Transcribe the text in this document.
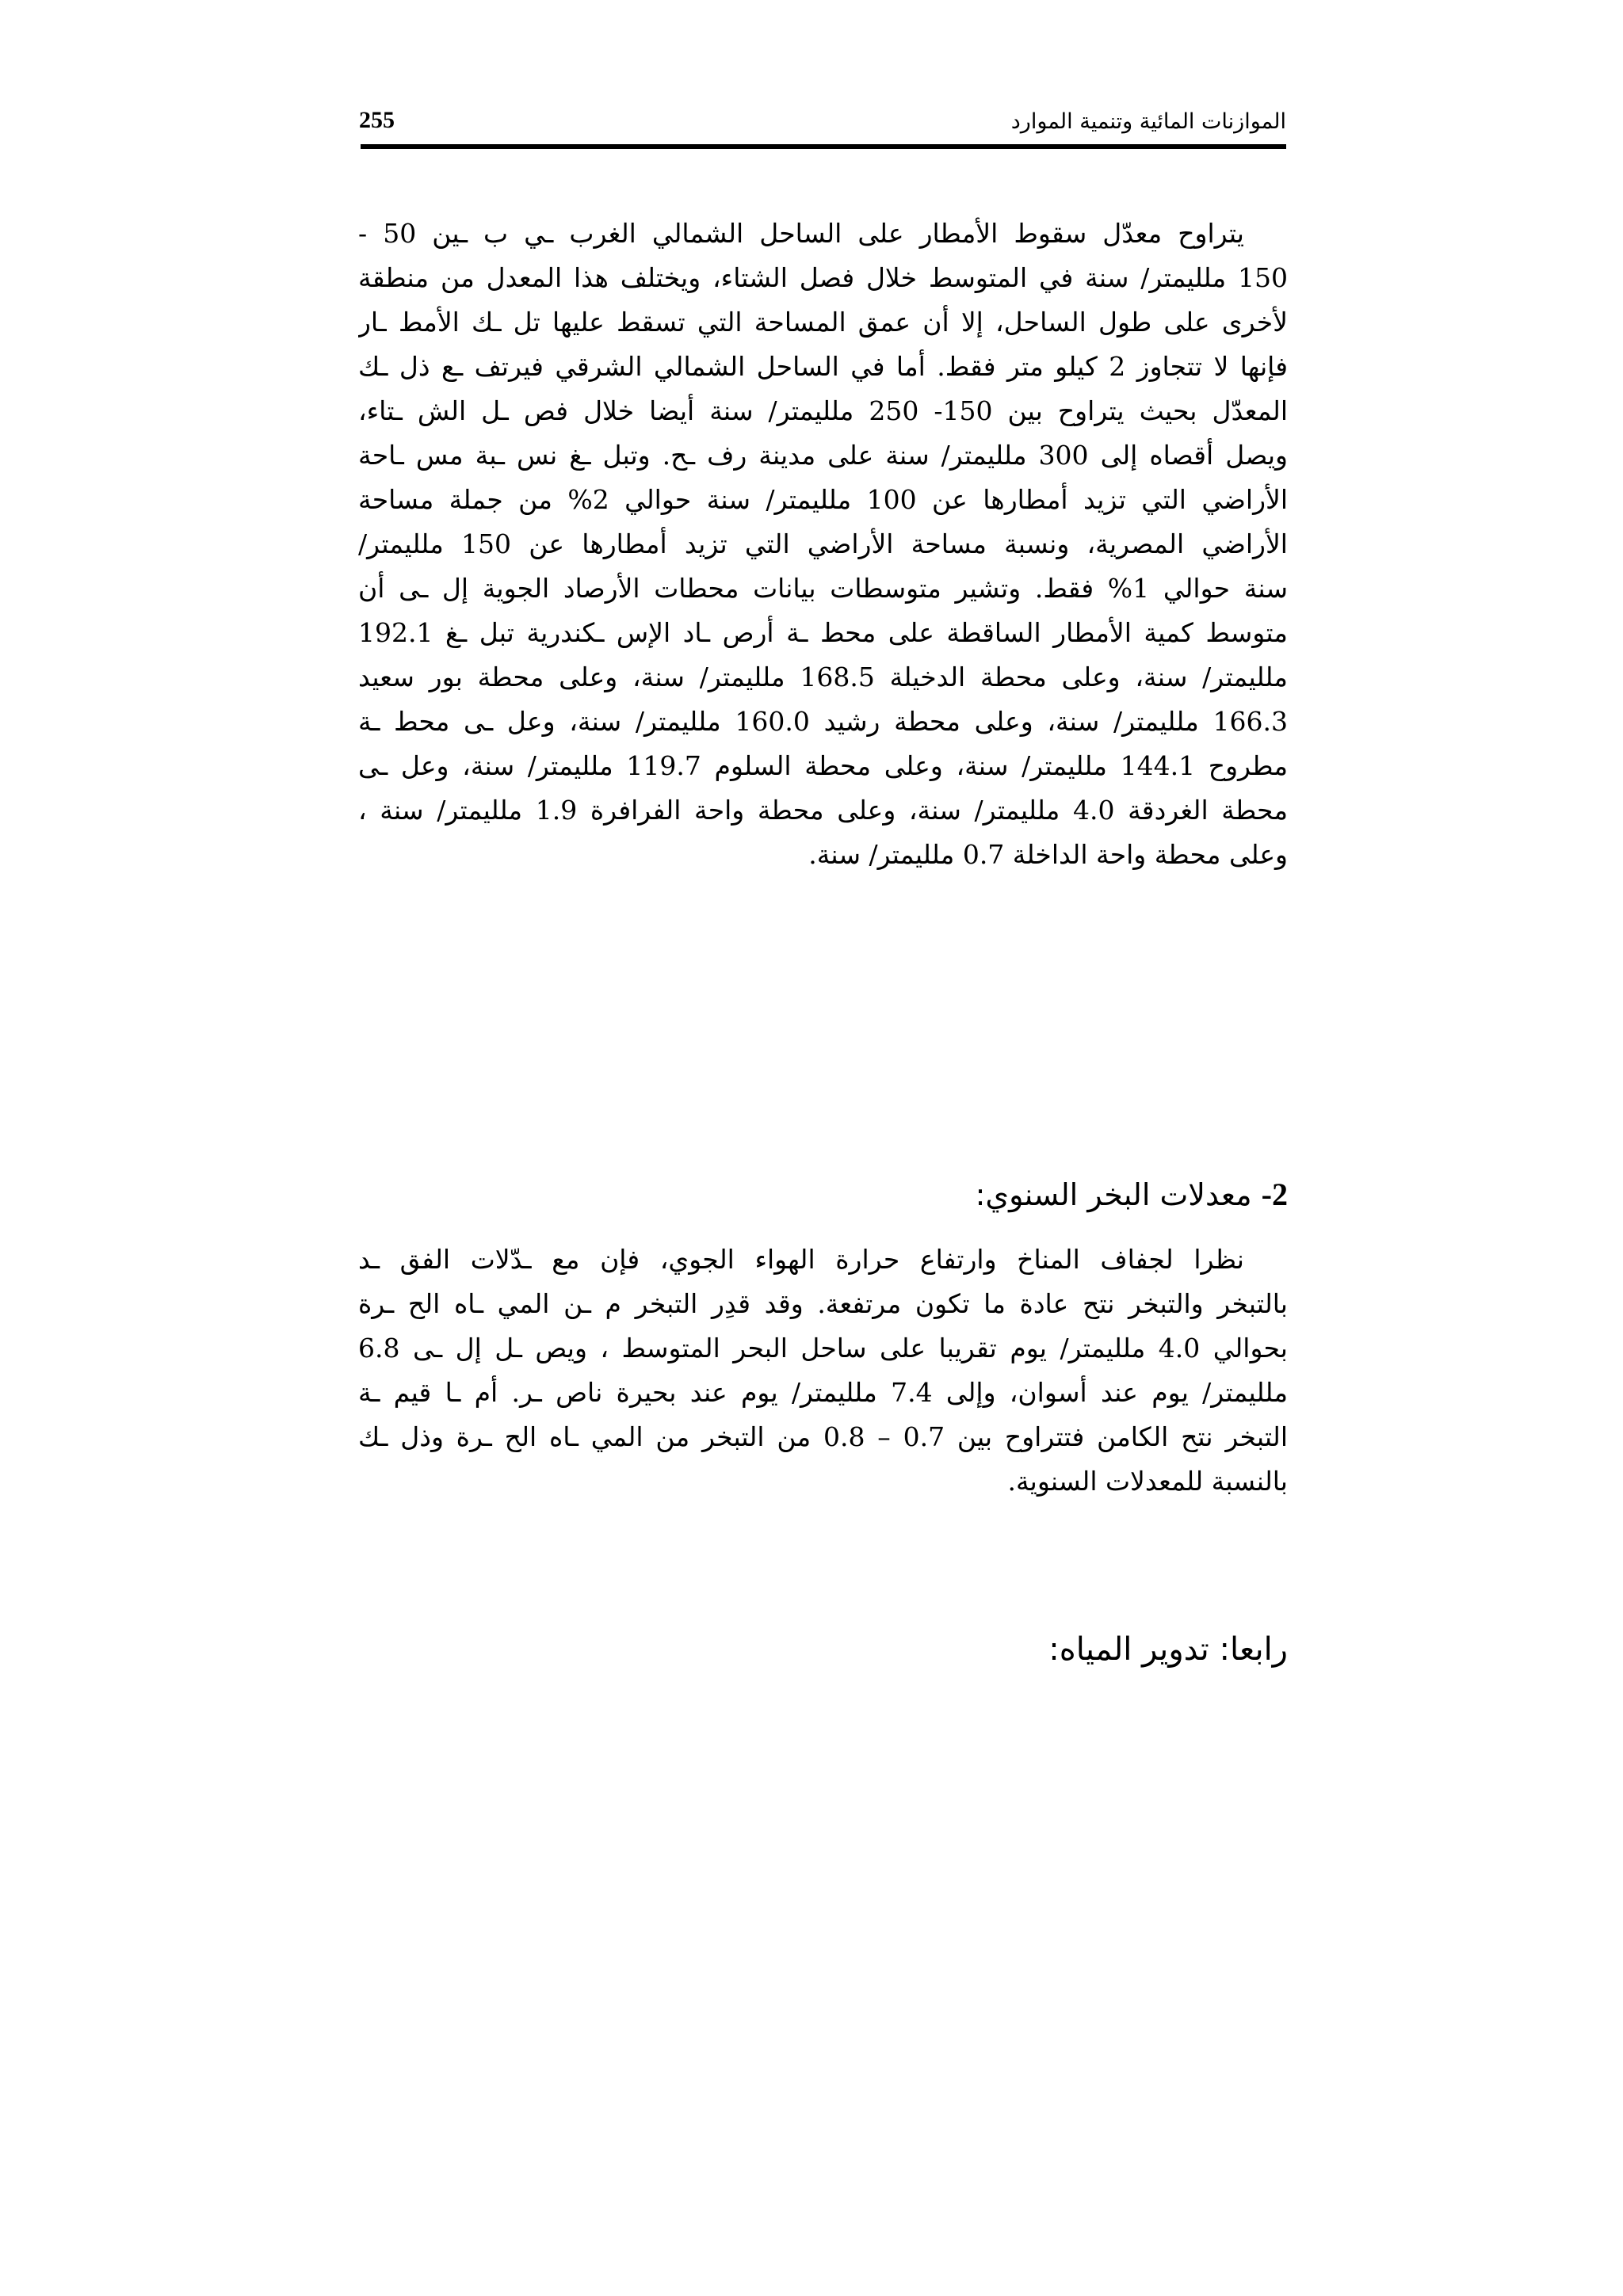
الموازنات المائية وتنمية الموارد
255
يتراوح معدّل سقوط الأمطار على الساحل الشمالي الغرب ـي ب ـين 50 -
150 ملليمتر/ سنة في المتوسط خلال فصل الشتاء، ويختلف هذا المعدل من منطقة
لأخرى على طول الساحل، إلا أن عمق المساحة التي تسقط عليها تل ـك الأمط ـار
فإنها لا تتجاوز 2 كيلو متر فقط. أما في الساحل الشمالي الشرقي فيرتف ـع ذل ـك
المعدّل بحيث يتراوح بين 150- 250 ملليمتر/ سنة أيضا خلال فص ـل الش ـتاء،
ويصل أقصاه إلى 300 ملليمتر/ سنة على مدينة رف ـح. وتبل ـغ نس ـبة مس ـاحة
الأراضي التي تزيد أمطارها عن 100 ملليمتر/ سنة حوالي 2% من جملة مساحة
الأراضي المصرية، ونسبة مساحة الأراضي التي تزيد أمطارها عن 150 ملليمتر/
سنة حوالي 1% فقط. وتشير متوسطات بيانات محطات الأرصاد الجوية إل ـى أن
متوسط كمية الأمطار الساقطة على محط ـة أرص ـاد الإس ـكندرية تبل ـغ 192.1
ملليمتر/ سنة، وعلى محطة الدخيلة 168.5 ملليمتر/ سنة، وعلى محطة بور سعيد
166.3 ملليمتر/ سنة، وعلى محطة رشيد 160.0 ملليمتر/ سنة، وعل ـى محط ـة
مطروح 144.1 ملليمتر/ سنة، وعلى محطة السلوم 119.7 ملليمتر/ سنة، وعل ـى
محطة الغردقة 4.0 ملليمتر/ سنة، وعلى محطة واحة الفرافرة 1.9 ملليمتر/ سنة ،
وعلى محطة واحة الداخلة 0.7 ملليمتر/ سنة.
2- معدلات البخر السنوي:
نظرا لجفاف المناخ وارتفاع حرارة الهواء الجوي، فإن مع ـدّلات الفق ـد
بالتبخر والتبخر نتح عادة ما تكون مرتفعة. وقد قدِر التبخر م ـن المي ـاه الح ـرة
بحوالي 4.0 ملليمتر/ يوم تقريبا على ساحل البحر المتوسط ، ويص ـل إل ـى 6.8
ملليمتر/ يوم عند أسوان، وإلى 7.4 ملليمتر/ يوم عند بحيرة ناص ـر. أم ـا قيم ـة
التبخر نتح الكامن فتتراوح بين 0.7 – 0.8 من التبخر من المي ـاه الح ـرة وذل ـك
بالنسبة للمعدلات السنوية.
رابعا: تدوير المياه:
